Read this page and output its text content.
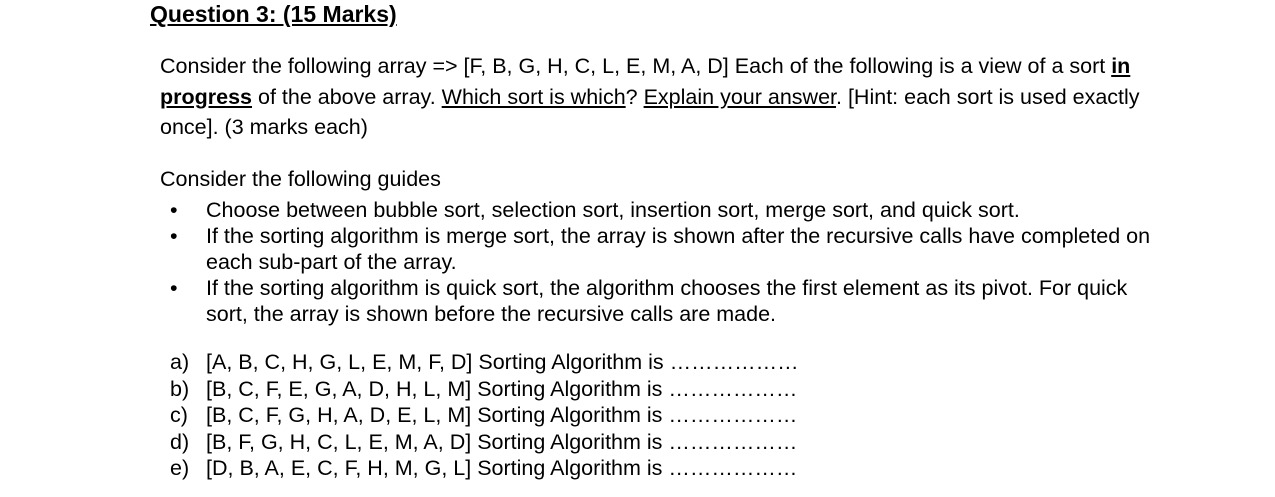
Question 3: (15 Marks)
Consider the following array => [F, B, G, H, C, L, E, M, A, D] Each of the following is a view of a sort in progress of the above array. Which sort is which? Explain your answer. [Hint: each sort is used exactly once]. (3 marks each)
Consider the following guides
• Choose between bubble sort, selection sort, insertion sort, merge sort, and quick sort.
• If the sorting algorithm is merge sort, the array is shown after the recursive calls have completed on each sub-part of the array.
• If the sorting algorithm is quick sort, the algorithm chooses the first element as its pivot. For quick sort, the array is shown before the recursive calls are made.
a) [A, B, C, H, G, L, E, M, F, D] Sorting Algorithm is ………………
b) [B, C, F, E, G, A, D, H, L, M] Sorting Algorithm is ………………
c) [B, C, F, G, H, A, D, E, L, M] Sorting Algorithm is ………………
d) [B, F, G, H, C, L, E, M, A, D] Sorting Algorithm is ………………
e) [D, B, A, E, C, F, H, M, G, L] Sorting Algorithm is ………………
